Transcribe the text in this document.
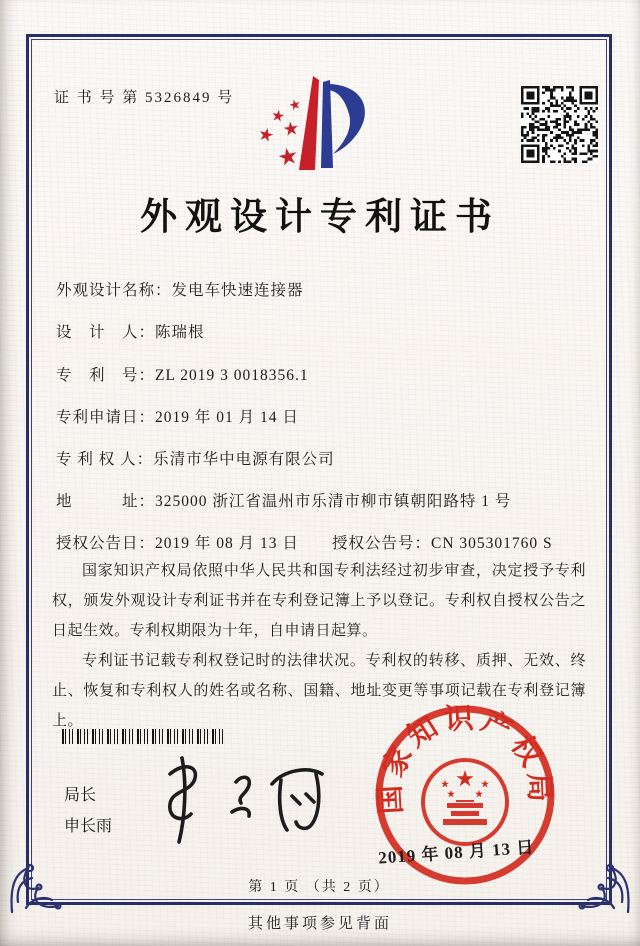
证 书 号 第 5326849 号
外观设计专利证书
外观设计名称：发电车快速连接器
设　计　人：陈瑞根
专　利　号：ZL 2019 3 0018356.1
专利申请日：2019 年 01 月 14 日
专 利 权 人：乐清市华中电源有限公司
地　　　址：325000 浙江省温州市乐清市柳市镇朝阳路特 1 号
授权公告日：2019 年 08 月 13 日 授权公告号：CN 305301760 S

国家知识产权局依照中华人民共和国专利法经过初步审查，决定授予专利权，颁发外观设计专利证书并在专利登记簿上予以登记。专利权自授权公告之日起生效。专利权期限为十年，自申请日起算。

专利证书记载专利权登记时的法律状况。专利权的转移、质押、无效、终止、恢复和专利权人的姓名或名称、国籍、地址变更等事项记载在专利登记簿上。

局长
申长雨
国家知识产权局
2019 年 08 月 13 日
第 1 页 （共 2 页）
其他事项参见背面
